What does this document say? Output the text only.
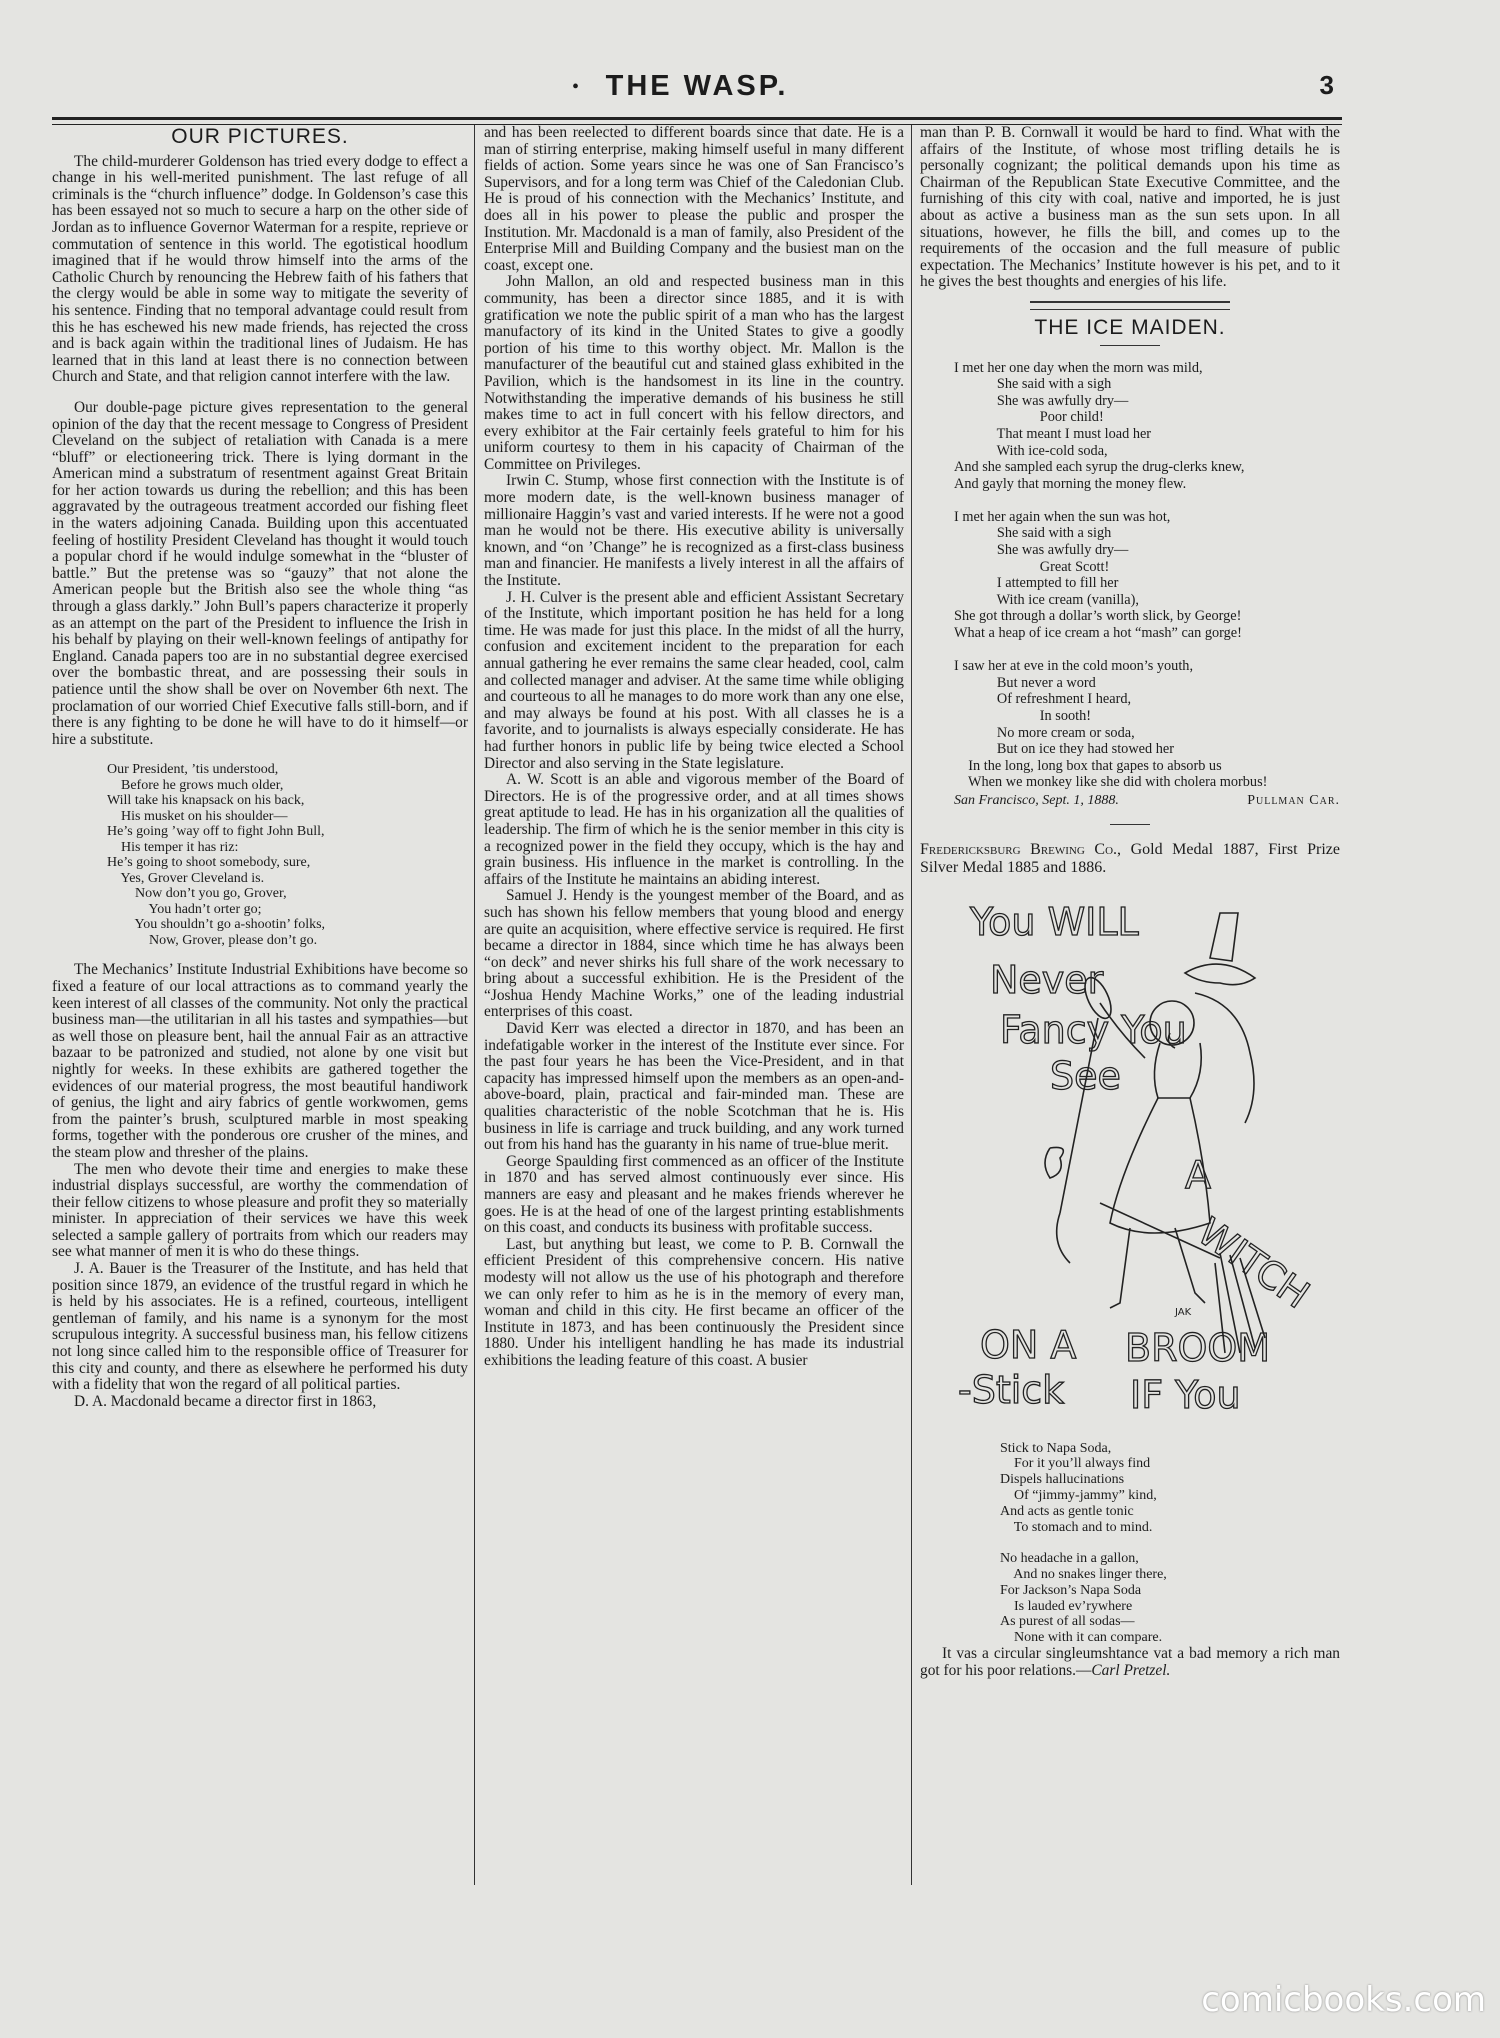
• THE WASP.	3
OUR PICTURES.

The child-murderer Goldenson has tried every dodge to effect a change in his well-merited punishment. The last refuge of all criminals is the “church influence” dodge. In Goldenson’s case this has been essayed not so much to secure a harp on the other side of Jordan as to influence Governor Waterman for a respite, reprieve or commutation of sentence in this world. The egotistical hoodlum imagined that if he would throw himself into the arms of the Catholic Church by renouncing the Hebrew faith of his fathers that the clergy would be able in some way to mitigate the severity of his sentence. Finding that no temporal advantage could result from this he has eschewed his new made friends, has rejected the cross and is back again within the traditional lines of Judaism. He has learned that in this land at least there is no connection between Church and State, and that religion cannot interfere with the law.

Our double-page picture gives representation to the general opinion of the day that the recent message to Congress of President Cleveland on the subject of retaliation with Canada is a mere “bluff” or electioneering trick. There is lying dormant in the American mind a substratum of resentment against Great Britain for her action towards us during the rebellion; and this has been aggravated by the outrageous treatment accorded our fishing fleet in the waters adjoining Canada. Building upon this accentuated feeling of hostility President Cleveland has thought it would touch a popular chord if he would indulge somewhat in the “bluster of battle.” But the pretense was so “gauzy” that not alone the American people but the British also see the whole thing “as through a glass darkly.” John Bull’s papers characterize it properly as an attempt on the part of the President to influence the Irish in his behalf by playing on their well-known feelings of antipathy for England. Canada papers too are in no substantial degree exercised over the bombastic threat, and are possessing their souls in patience until the show shall be over on November 6th next. The proclamation of our worried Chief Executive falls still-born, and if there is any fighting to be done he will have to do it himself—or hire a substitute.

Our President, ’tis understood,
Before he grows much older,
Will take his knapsack on his back,
His musket on his shoulder—
He’s going ’way off to fight John Bull,
His temper it has riz:
He’s going to shoot somebody, sure,
Yes, Grover Cleveland is.
Now don’t you go, Grover,
You hadn’t orter go;
You shouldn’t go a-shootin’ folks,
Now, Grover, please don’t go.

The Mechanics’ Institute Industrial Exhibitions have become so fixed a feature of our local attractions as to command yearly the keen interest of all classes of the community. Not only the practical business man—the utilitarian in all his tastes and sympathies—but as well those on pleasure bent, hail the annual Fair as an attractive bazaar to be patronized and studied, not alone by one visit but nightly for weeks. In these exhibits are gathered together the evidences of our material progress, the most beautiful handiwork of genius, the light and airy fabrics of gentle workwomen, gems from the painter’s brush, sculptured marble in most speaking forms, together with the ponderous ore crusher of the mines, and the steam plow and thresher of the plains.

The men who devote their time and energies to make these industrial displays successful, are worthy the commendation of their fellow citizens to whose pleasure and profit they so materially minister. In appreciation of their services we have this week selected a sample gallery of portraits from which our readers may see what manner of men it is who do these things.

J. A. Bauer is the Treasurer of the Institute, and has held that position since 1879, an evidence of the trustful regard in which he is held by his associates. He is a refined, courteous, intelligent gentleman of family, and his name is a synonym for the most scrupulous integrity. A successful business man, his fellow citizens not long since called him to the responsible office of Treasurer for this city and county, and there as elsewhere he performed his duty with a fidelity that won the regard of all political parties.

D. A. Macdonald became a director first in 1863,

and has been reelected to different boards since that date. He is a man of stirring enterprise, making himself useful in many different fields of action. Some years since he was one of San Francisco’s Supervisors, and for a long term was Chief of the Caledonian Club. He is proud of his connection with the Mechanics’ Institute, and does all in his power to please the public and prosper the Institution. Mr. Macdonald is a man of family, also President of the Enterprise Mill and Building Company and the busiest man on the coast, except one.

John Mallon, an old and respected business man in this community, has been a director since 1885, and it is with gratification we note the public spirit of a man who has the largest manufactory of its kind in the United States to give a goodly portion of his time to this worthy object. Mr. Mallon is the manufacturer of the beautiful cut and stained glass exhibited in the Pavilion, which is the handsomest in its line in the country. Notwithstanding the imperative demands of his business he still makes time to act in full concert with his fellow directors, and every exhibitor at the Fair certainly feels grateful to him for his uniform courtesy to them in his capacity of Chairman of the Committee on Privileges.

Irwin C. Stump, whose first connection with the Institute is of more modern date, is the well-known business manager of millionaire Haggin’s vast and varied interests. If he were not a good man he would not be there. His executive ability is universally known, and “on ’Change” he is recognized as a first-class business man and financier. He manifests a lively interest in all the affairs of the Institute.

J. H. Culver is the present able and efficient Assistant Secretary of the Institute, which important position he has held for a long time. He was made for just this place. In the midst of all the hurry, confusion and excitement incident to the preparation for each annual gathering he ever remains the same clear headed, cool, calm and collected manager and adviser. At the same time while obliging and courteous to all he manages to do more work than any one else, and may always be found at his post. With all classes he is a favorite, and to journalists is always especially considerate. He has had further honors in public life by being twice elected a School Director and also serving in the State legislature.

A. W. Scott is an able and vigorous member of the Board of Directors. He is of the progressive order, and at all times shows great aptitude to lead. He has in his organization all the qualities of leadership. The firm of which he is the senior member in this city is a recognized power in the field they occupy, which is the hay and grain business. His influence in the market is controlling. In the affairs of the Institute he maintains an abiding interest.

Samuel J. Hendy is the youngest member of the Board, and as such has shown his fellow members that young blood and energy are quite an acquisition, where effective service is required. He first became a director in 1884, since which time he has always been “on deck” and never shirks his full share of the work necessary to bring about a successful exhibition. He is the President of the “Joshua Hendy Machine Works,” one of the leading industrial enterprises of this coast.

David Kerr was elected a director in 1870, and has been an indefatigable worker in the interest of the Institute ever since. For the past four years he has been the Vice-President, and in that capacity has impressed himself upon the members as an open-and-above-board, plain, practical and fair-minded man. These are qualities characteristic of the noble Scotchman that he is. His business in life is carriage and truck building, and any work turned out from his hand has the guaranty in his name of true-blue merit.

George Spaulding first commenced as an officer of the Institute in 1870 and has served almost continuously ever since. His manners are easy and pleasant and he makes friends wherever he goes. He is at the head of one of the largest printing establishments on this coast, and conducts its business with profitable success.

Last, but anything but least, we come to P. B. Cornwall the efficient President of this comprehensive concern. His native modesty will not allow us the use of his photograph and therefore we can only refer to him as he is in the memory of every man, woman and child in this city. He first became an officer of the Institute in 1873, and has been continuously the President since 1880. Under his intelligent handling he has made its industrial exhibitions the leading feature of this coast. A busier

man than P. B. Cornwall it would be hard to find. What with the affairs of the Institute, of whose most trifling details he is personally cognizant; the political demands upon his time as Chairman of the Republican State Executive Committee, and the furnishing of this city with coal, native and imported, he is just about as active a business man as the sun sets upon. In all situations, however, he fills the bill, and comes up to the requirements of the occasion and the full measure of public expectation. The Mechanics’ Institute however is his pet, and to it he gives the best thoughts and energies of his life.

THE ICE MAIDEN.
I met her one day when the morn was mild,
She said with a sigh
She was awfully dry—
Poor child!
That meant I must load her
With ice-cold soda,
And she sampled each syrup the drug-clerks knew,
And gayly that morning the money flew.

I met her again when the sun was hot,
She said with a sigh
She was awfully dry—
Great Scott!
I attempted to fill her
With ice cream (vanilla),
She got through a dollar’s worth slick, by George!
What a heap of ice cream a hot “mash” can gorge!

I saw her at eve in the cold moon’s youth,
But never a word
Of refreshment I heard,
In sooth!
No more cream or soda,
But on ice they had stowed her
In the long, long box that gapes to absorb us
When we monkey like she did with cholera morbus!
San Francisco, Sept. 1, 1888.	Pullman Car.
Fredericksburg Brewing Co., Gold Medal 1887, First Prize Silver Medal 1885 and 1886.
You WILL
Never
Fancy You
See
A
WITCH
ON A BROOM
-Stick IF You
JAK
Stick to Napa Soda,
For it you’ll always find
Dispels hallucinations
Of “jimmy-jammy” kind,
And acts as gentle tonic
To stomach and to mind.

No headache in a gallon,
And no snakes linger there,
For Jackson’s Napa Soda
Is lauded ev’rywhere
As purest of all sodas—
None with it can compare.

It vas a circular singleumshtance vat a bad memory a rich man got for his poor relations.—Carl Pretzel.

comicbooks.com
